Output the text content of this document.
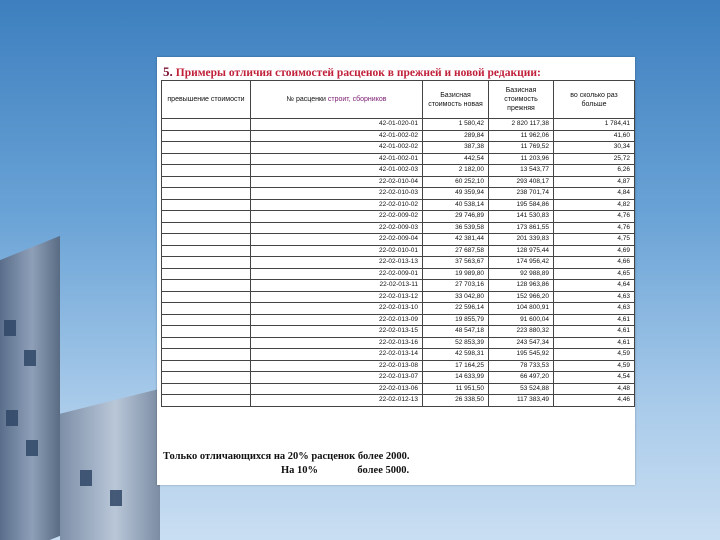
5. Примеры отличия стоимостей расценок в прежней и новой редакции:
превышение стоимости	№ расценки строит, сборников	Базисная стоимость новая	Базисная стоимость прежняя	во сколько раз больше
	42-01-020-01	1 580,42	2 820 117,38	1 784,41
	42-01-002-02	289,84	11 962,06	41,60
	42-01-002-02	387,38	11 769,52	30,34
	42-01-002-01	442,54	11 203,96	25,72
	42-01-002-03	2 182,00	13 543,77	6,26
	22-02-010-04	60 252,10	293 408,17	4,87
	22-02-010-03	49 359,94	238 701,74	4,84
	22-02-010-02	40 538,14	195 584,86	4,82
	22-02-009-02	29 746,89	141 530,83	4,76
	22-02-009-03	36 539,58	173 861,55	4,76
	22-02-009-04	42 381,44	201 339,83	4,75
	22-02-010-01	27 687,58	128 975,44	4,69
	22-02-013-13	37 563,67	174 956,42	4,66
	22-02-009-01	19 989,80	92 988,89	4,65
	22-02-013-11	27 703,16	128 963,86	4,64
	22-02-013-12	33 042,80	152 966,20	4,63
	22-02-013-10	22 596,14	104 800,91	4,63
	22-02-013-09	19 855,79	91 600,04	4,61
	22-02-013-15	48 547,18	223 880,32	4,61
	22-02-013-16	52 853,39	243 547,34	4,61
	22-02-013-14	42 598,31	195 545,92	4,59
	22-02-013-08	17 164,25	78 733,53	4,59
	22-02-013-07	14 633,99	66 497,20	4,54
	22-02-013-06	11 951,50	53 524,88	4,48
	22-02-012-13	26 338,50	117 383,49	4,46
Только отличающихся на 20% расценок более 2000.
На 10%	более 5000.
